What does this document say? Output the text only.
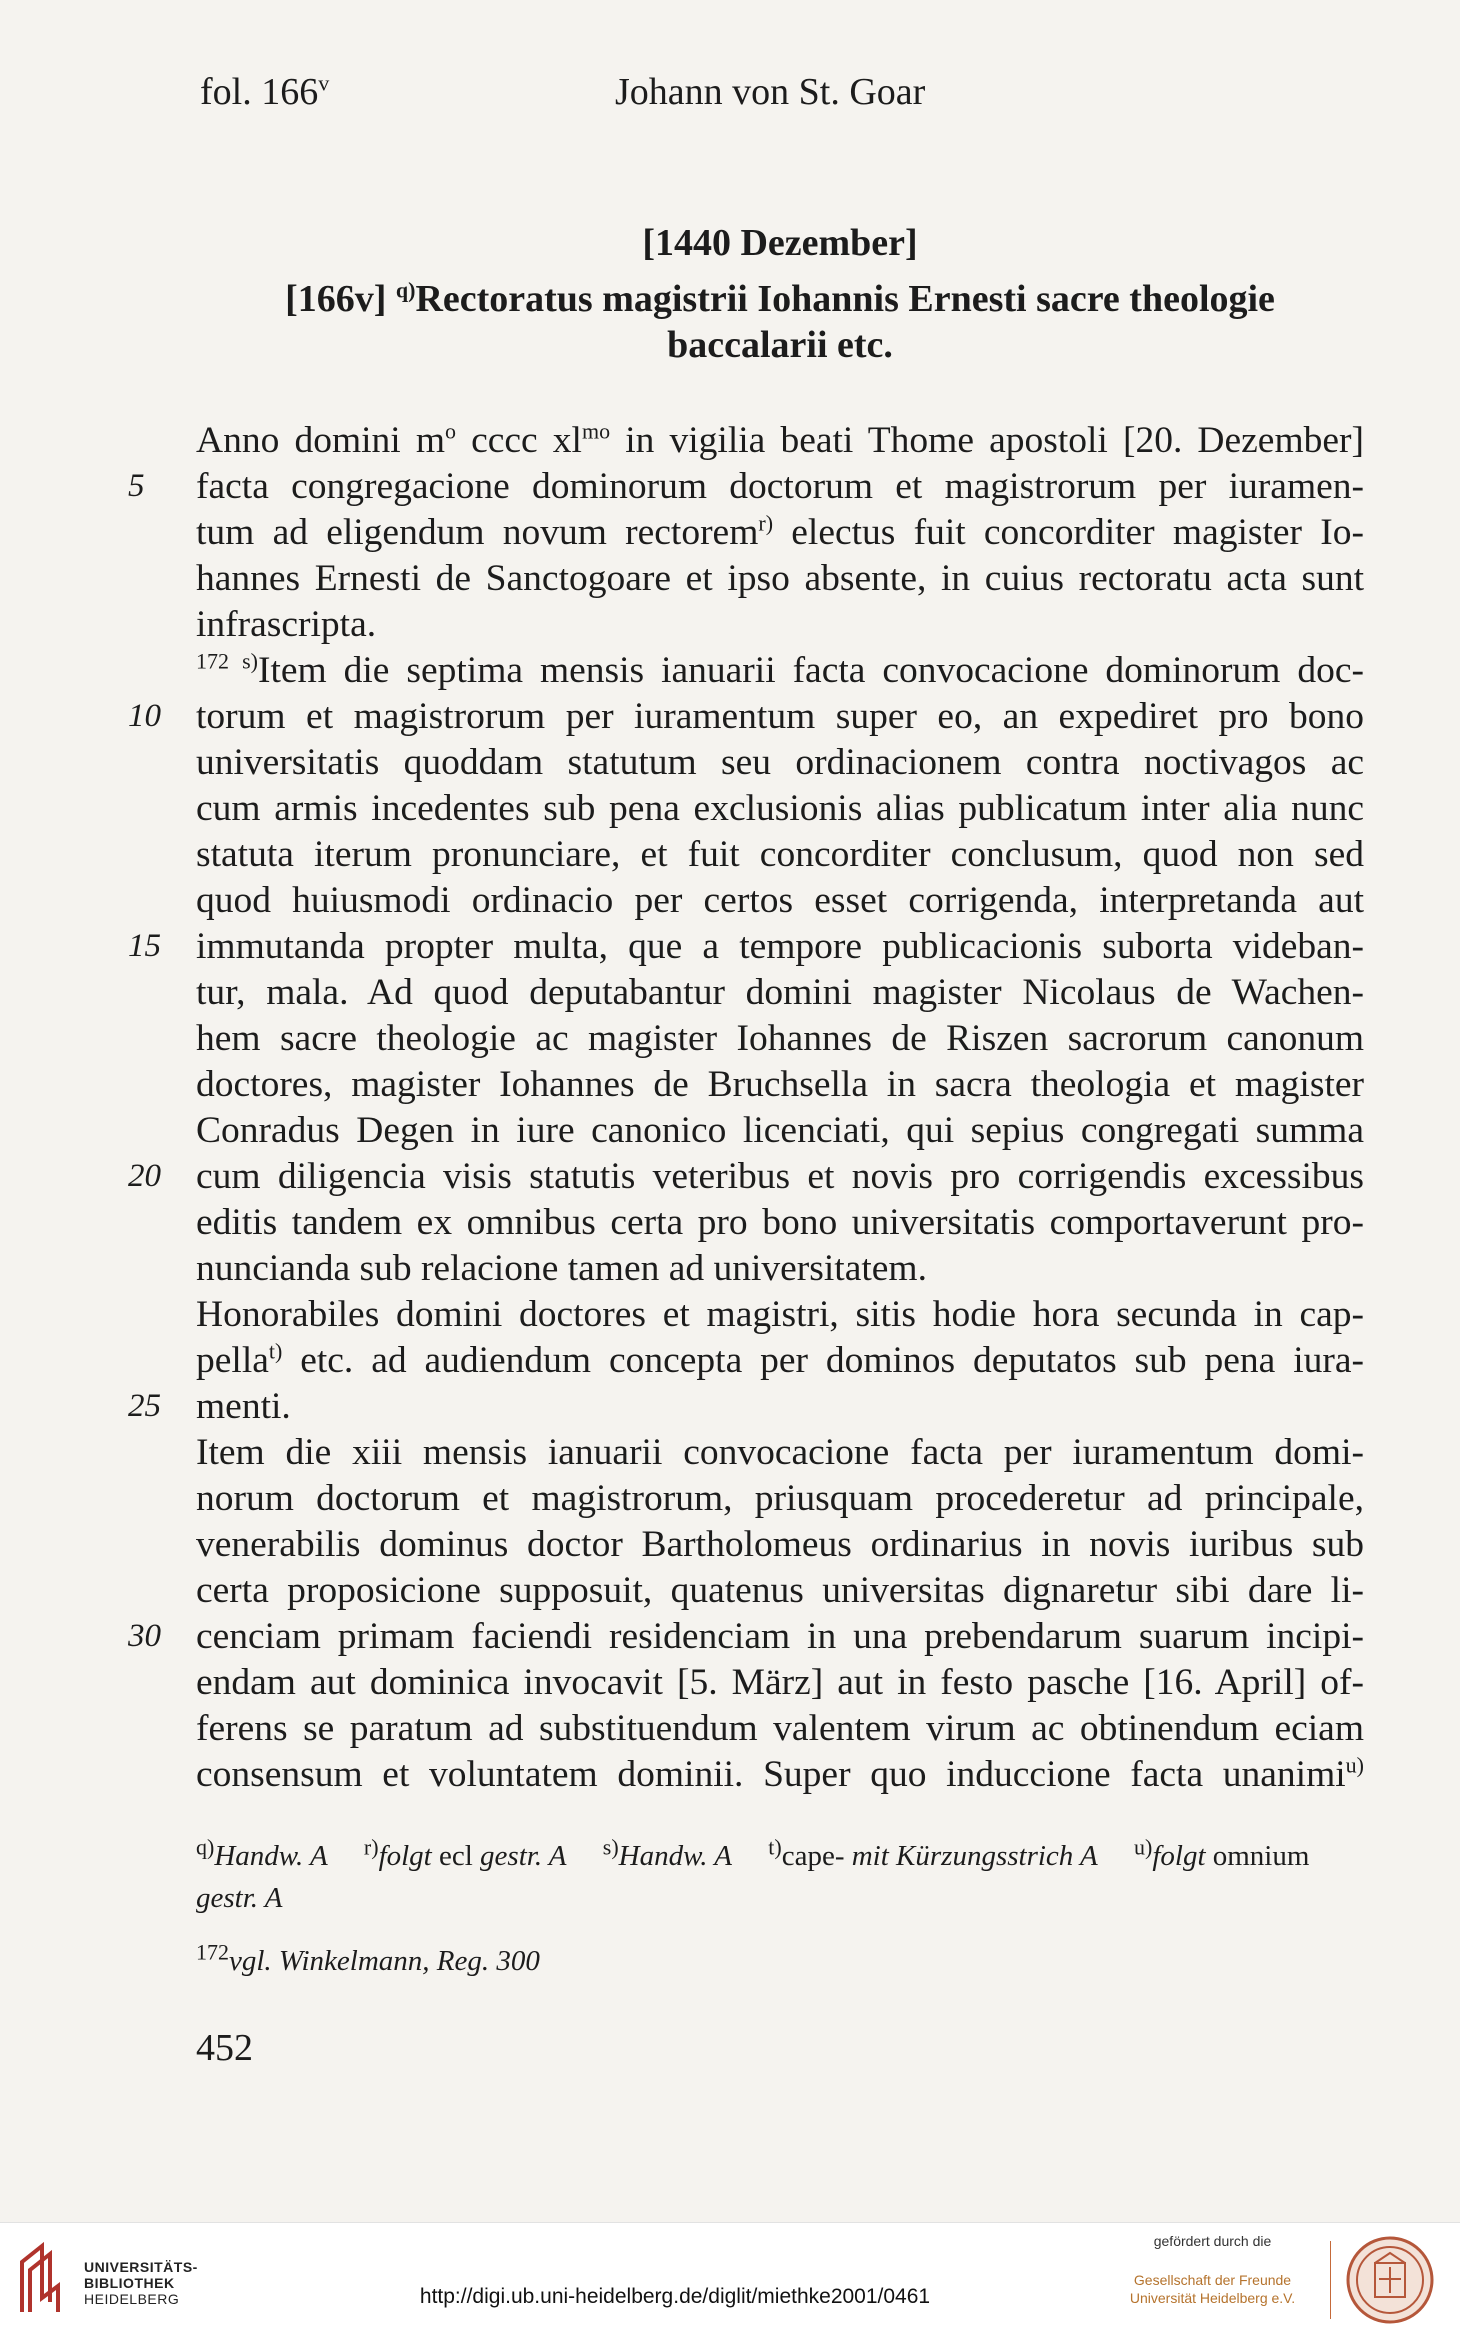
fol. 166$^v$	Johann von St. Goar
[1440 Dezember]
[166v] $^{q)}$Rectoratus magistrii Iohannis Ernesti sacre theologie
baccalarii etc.
Anno domini $m^o$ cccc $xl^{mo}$ in vigilia beati Thome apostoli [20. Dezember]
facta congregacione dominorum doctorum et magistrorum per iuramen-
tum ad eligendum novum rectorem$^{r)}$ electus fuit concorditer magister Io-
hannes Ernesti de Sanctogoare et ipso absente, in cuius rectoratu acta sunt
infrascripta.
$^{172}$ $^{s)}$Item die septima mensis ianuarii facta convocacione dominorum doc-
torum et magistrorum per iuramentum super eo, an expediret pro bono
universitatis quoddam statutum seu ordinacionem contra noctivagos ac
cum armis incedentes sub pena exclusionis alias publicatum inter alia nunc
statuta iterum pronunciare, et fuit concorditer conclusum, quod non sed
quod huiusmodi ordinacio per certos esset corrigenda, interpretanda aut
immutanda propter multa, que a tempore publicacionis suborta videban-
tur, mala. Ad quod deputabantur domini magister Nicolaus de Wachen-
hem sacre theologie ac magister Iohannes de Riszen sacrorum canonum
doctores, magister Iohannes de Bruchsella in sacra theologia et magister
Conradus Degen in iure canonico licenciati, qui sepius congregati summa
cum diligencia visis statutis veteribus et novis pro corrigendis excessibus
editis tandem ex omnibus certa pro bono universitatis comportaverunt pro-
nuncianda sub relacione tamen ad universitatem.
Honorabiles domini doctores et magistri, sitis hodie hora secunda in cap-
pella$^{t)}$ etc. ad audiendum concepta per dominos deputatos sub pena iura-
menti.
Item die xiii mensis ianuarii convocacione facta per iuramentum domi-
norum doctorum et magistrorum, priusquam procederetur ad principale,
venerabilis dominus doctor Bartholomeus ordinarius in novis iuribus sub
certa proposicione supposuit, quatenus universitas dignaretur sibi dare li-
cenciam primam faciendi residenciam in una prebendarum suarum incipi-
endam aut dominica invocavit [5. März] aut in festo pasche [16. April] of-
ferens se paratum ad substituendum valentem virum ac obtinendum eciam
consensum et voluntatem dominii. Super quo induccione facta unanimi$^{u)}$
5
10
15
20
25
30
$^{q)}$Handw. A $^{r)}$folgt ecl gestr. A $^{s)}$Handw. A $^{t)}$cape- mit Kürzungsstrich A $^{u)}$folgt omnium
gestr. A
$^{172}$vgl. Winkelmann, Reg. 300
452
UNIVERSITÄTS-
BIBLIOTHEK
HEIDELBERG	http://digi.ub.uni-heidelberg.de/diglit/miethke2001/0461
gefördert durch die
Gesellschaft der Freunde
Universität Heidelberg e.V.
